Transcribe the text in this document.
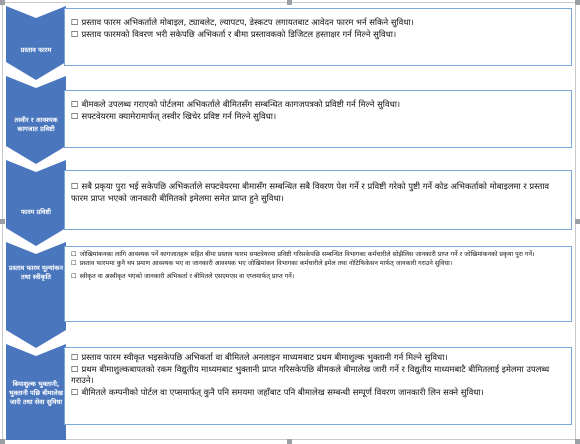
प्रस्ताव फारम
☐ प्रस्ताव फारम अभिकर्ताले मोबाइल, ट्याबलेट, ल्यापटप, डेस्कटप लगायतबाट आवेदन फारम भर्न सकिने सुविधा।
☐ प्रस्ताव फारमको विवरण भरी सकेपछि अभिकर्ता र बीमा प्रस्तावकको डिजिटल हस्ताक्षर गर्न मिल्ने सुविधा।
तस्वीर र आवश्यक कागजात प्रविष्टी
☐ बीमकले उपलब्ध गराएको पोर्टलमा अभिकर्ताले बीमितसँग सम्बन्धित कागजपत्रको प्रविष्टी गर्न मिल्ने सुविधा।
☐ सफ्टवेयरमा क्यामेरामार्फत् तस्वीर खिचेर प्रविष्ट गर्न मिल्ने सुविधा।
फारम प्रविष्टी
☐ सबै प्रकृया पुरा भई सकेपछि अभिकर्ताले सफ्टवेयरमा बीमासँग सम्बन्धित सबै विवरण पेश गर्ने र प्रविष्टी गरेको पुष्टी गर्ने कोड अभिकर्ताको मोबाइलमा र प्रस्ताव फारम प्राप्त भएको जानकारी बीमितको इमेलमा समेत प्राप्त हुने सुविधा।
प्रस्ताव फारम मूल्यांकन तथा स्वीकृति
☐ जोखिमांकनका लागि आवश्यक पर्ने कागजातहरू सहित बीमा प्रस्ताव फारम सफ्टवेयरमा प्रविष्टी गरिसकेपछि सम्बन्धित विभागका कर्मचारीले सोझैलिस जानकारी प्राप्त गर्ने र जोखिमांकनको प्रकृया पुरा गर्ने।
☐ प्रस्ताव फारममा कुनै थप प्रमाण आवश्यक भए वा जानकारी आवश्यक भए जोखिमांकन विभागका कर्मचारीले इमेल तथा नोटिफिकेसन मार्फत् जानकारी गराउने सुविधा।
☐ स्वीकृत वा अस्वीकृत भएको जानकारी अभिकर्ता र बीमितले एसएमएस वा एप्लमार्फत् प्राप्त गर्ने।
बिमाशुल्क भुक्तानी, भुक्तानी पछि बीमालेख जारी तथा सेवा सुविधा
☐ प्रस्ताव फारम स्वीकृत भइसकेपछि अभिकर्ता वा बीमितले अनलाइन माध्यमबाट प्रथम बीमाशुल्क भुक्तानी गर्न मिल्ने सुविधा।
☐ प्रथम बीमाशुल्कबापतको रकम विद्युतीय माध्यमबाट भुक्तानी प्राप्त गरिसकेपछि बीमकले बीमालेख जारी गर्ने र विद्युतीय माध्यमबाटै बीमितलाई इमेलमा उपलब्ध गराउने।
☐ बीमितले कम्पनीको पोर्टल वा एप्समार्फत् कुनै पनि समयमा जहाँबाट पनि बीमालेख सम्बन्धी सम्पूर्ण विवरण जानकारी लिन सक्ने सुविधा।
